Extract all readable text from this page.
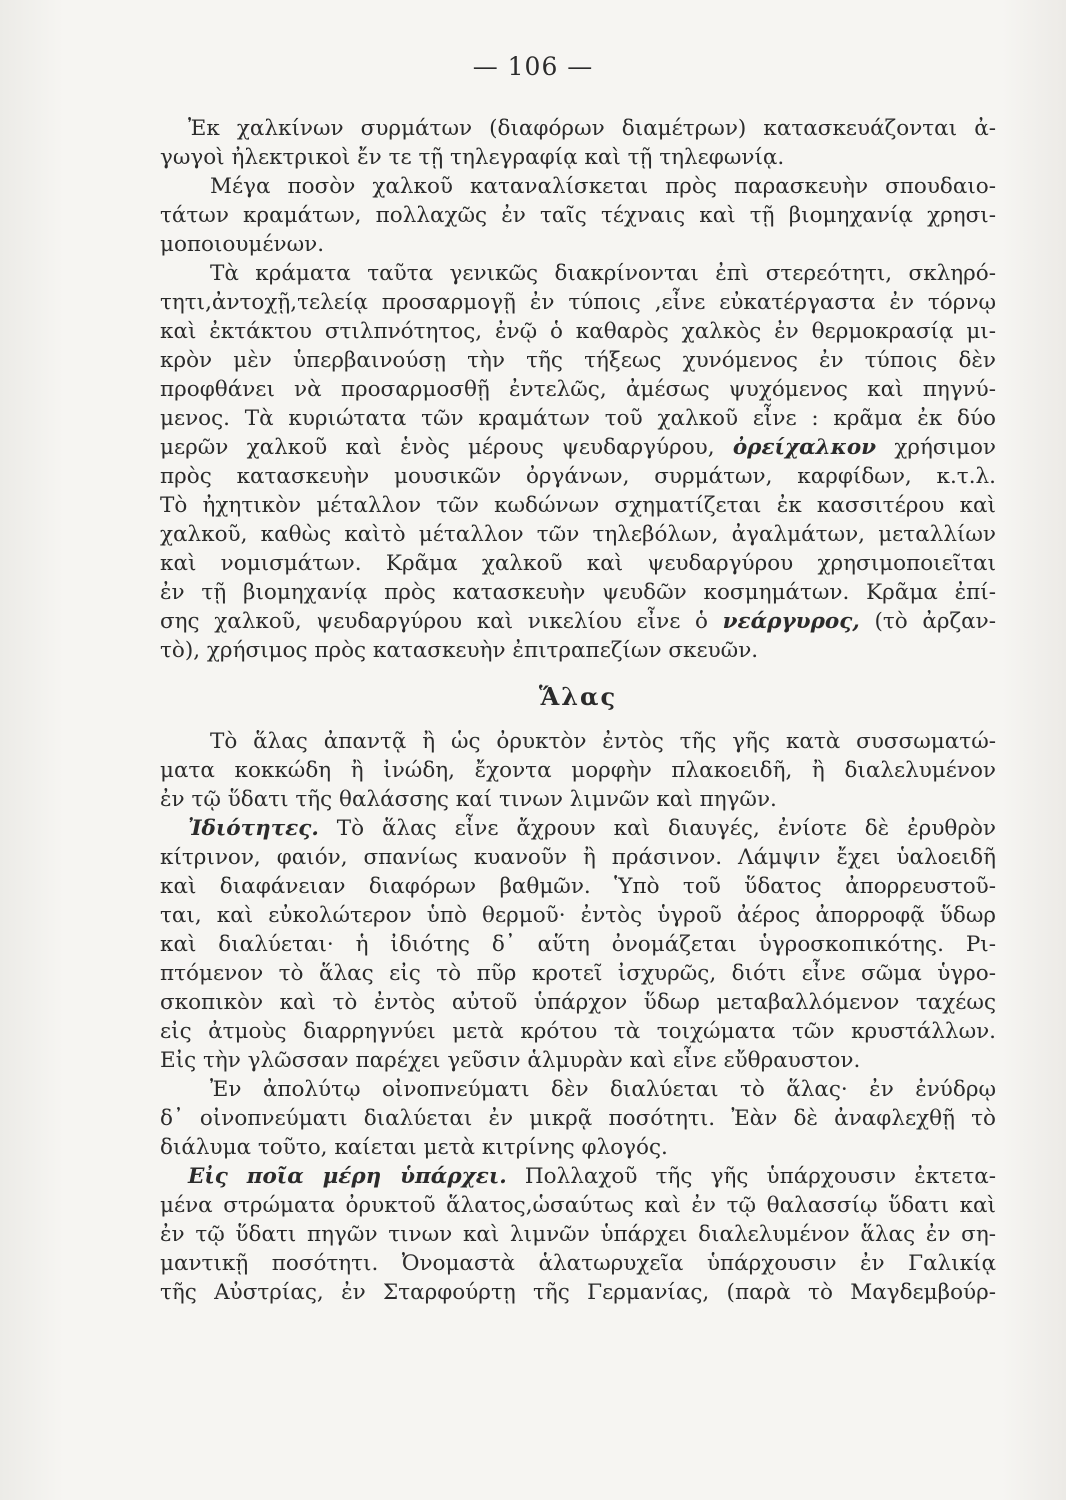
— 106 —
Ἐκ χαλκίνων συρμάτων (διαφόρων διαμέτρων) κατασκευάζονται ἀ-
γωγοὶ ἠλεκτρικοὶ ἔν τε τῇ τηλεγραφίᾳ καὶ τῇ τηλεφωνίᾳ.
Μέγα ποσὸν χαλκοῦ καταναλίσκεται πρὸς παρασκευὴν σπουδαιο-
τάτων κραμάτων, πολλαχῶς ἐν ταῖς τέχναις καὶ τῇ βιομηχανίᾳ χρησι-
μοποιουμένων.
Τὰ κράματα ταῦτα γενικῶς διακρίνονται ἐπὶ στερεότητι, σκληρό-
τητι,ἀντοχῇ,τελείᾳ προσαρμογῇ ἐν τύποις ,εἶνε εὐκατέργαστα ἐν τόρνῳ
καὶ ἐκτάκτου στιλπνότητος, ἐνῷ ὁ καθαρὸς χαλκὸς ἐν θερμοκρασίᾳ μι-
κρὸν μὲν ὑπερβαινούσῃ τὴν τῆς τήξεως χυνόμενος ἐν τύποις δὲν
προφθάνει νὰ προσαρμοσθῇ ἐντελῶς, ἀμέσως ψυχόμενος καὶ πηγνύ-
μενος. Τὰ κυριώτατα τῶν κραμάτων τοῦ χαλκοῦ εἶνε : κρᾶμα ἐκ δύο
μερῶν χαλκοῦ καὶ ἑνὸς μέρους ψευδαργύρου, ὀρείχαλκον χρήσιμον
πρὸς κατασκευὴν μουσικῶν ὀργάνων, συρμάτων, καρφίδων, κ.τ.λ.
Τὸ ἠχητικὸν μέταλλον τῶν κωδώνων σχηματίζεται ἐκ κασσιτέρου καὶ
χαλκοῦ, καθὼς καὶτὸ μέταλλον τῶν τηλεβόλων, ἀγαλμάτων, μεταλλίων
καὶ νομισμάτων. Κρᾶμα χαλκοῦ καὶ ψευδαργύρου χρησιμοποιεῖται
ἐν τῇ βιομηχανίᾳ πρὸς κατασκευὴν ψευδῶν κοσμημάτων. Κρᾶμα ἐπί-
σης χαλκοῦ, ψευδαργύρου καὶ νικελίου εἶνε ὁ νεάργυρος, (τὸ ἀρζαν-
τὸ), χρήσιμος πρὸς κατασκευὴν ἐπιτραπεζίων σκευῶν.
Ἅλας
Τὸ ἅλας ἀπαντᾷ ἢ ὡς ὀρυκτὸν ἐντὸς τῆς γῆς κατὰ συσσωματώ-
ματα κοκκώδη ἢ ἰνώδη, ἔχοντα μορφὴν πλακοειδῆ, ἢ διαλελυμένον
ἐν τῷ ὕδατι τῆς θαλάσσης καί τινων λιμνῶν καὶ πηγῶν.
Ἰδιότητες. Τὸ ἅλας εἶνε ἄχρουν καὶ διαυγές, ἐνίοτε δὲ ἐρυθρὸν
κίτρινον, φαιόν, σπανίως κυανοῦν ἢ πράσινον. Λάμψιν ἔχει ὑαλοειδῆ
καὶ διαφάνειαν διαφόρων βαθμῶν. Ὑπὸ τοῦ ὕδατος ἀπορρευστοῦ-
ται, καὶ εὐκολώτερον ὑπὸ θερμοῦ· ἐντὸς ὑγροῦ ἀέρος ἀπορροφᾷ ὕδωρ
καὶ διαλύεται· ἡ ἰδιότης δ᾽ αὕτη ὀνομάζεται ὑγροσκοπικότης. Ρι-
πτόμενον τὸ ἅλας εἰς τὸ πῦρ κροτεῖ ἰσχυρῶς, διότι εἶνε σῶμα ὑγρο-
σκοπικὸν καὶ τὸ ἐντὸς αὐτοῦ ὑπάρχον ὕδωρ μεταβαλλόμενον ταχέως
εἰς ἀτμοὺς διαρρηγνύει μετὰ κρότου τὰ τοιχώματα τῶν κρυστάλλων.
Εἰς τὴν γλῶσσαν παρέχει γεῦσιν ἁλμυρὰν καὶ εἶνε εὔθραυστον.
Ἐν ἀπολύτῳ οἰνοπνεύματι δὲν διαλύεται τὸ ἅλας· ἐν ἐνύδρῳ
δ᾽ οἰνοπνεύματι διαλύεται ἐν μικρᾷ ποσότητι. Ἐὰν δὲ ἀναφλεχθῇ τὸ
διάλυμα τοῦτο, καίεται μετὰ κιτρίνης φλογός.
Εἰς ποῖα μέρη ὑπάρχει. Πολλαχοῦ τῆς γῆς ὑπάρχουσιν ἐκτετα-
μένα στρώματα ὀρυκτοῦ ἅλατος,ὡσαύτως καὶ ἐν τῷ θαλασσίῳ ὕδατι καὶ
ἐν τῷ ὕδατι πηγῶν τινων καὶ λιμνῶν ὑπάρχει διαλελυμένον ἅλας ἐν ση-
μαντικῇ ποσότητι. Ὀνομαστὰ ἁλατωρυχεῖα ὑπάρχουσιν ἐν Γαλικίᾳ
τῆς Αὐστρίας, ἐν Σταρφούρτῃ τῆς Γερμανίας, (παρὰ τὸ Μαγδεμβούρ-
